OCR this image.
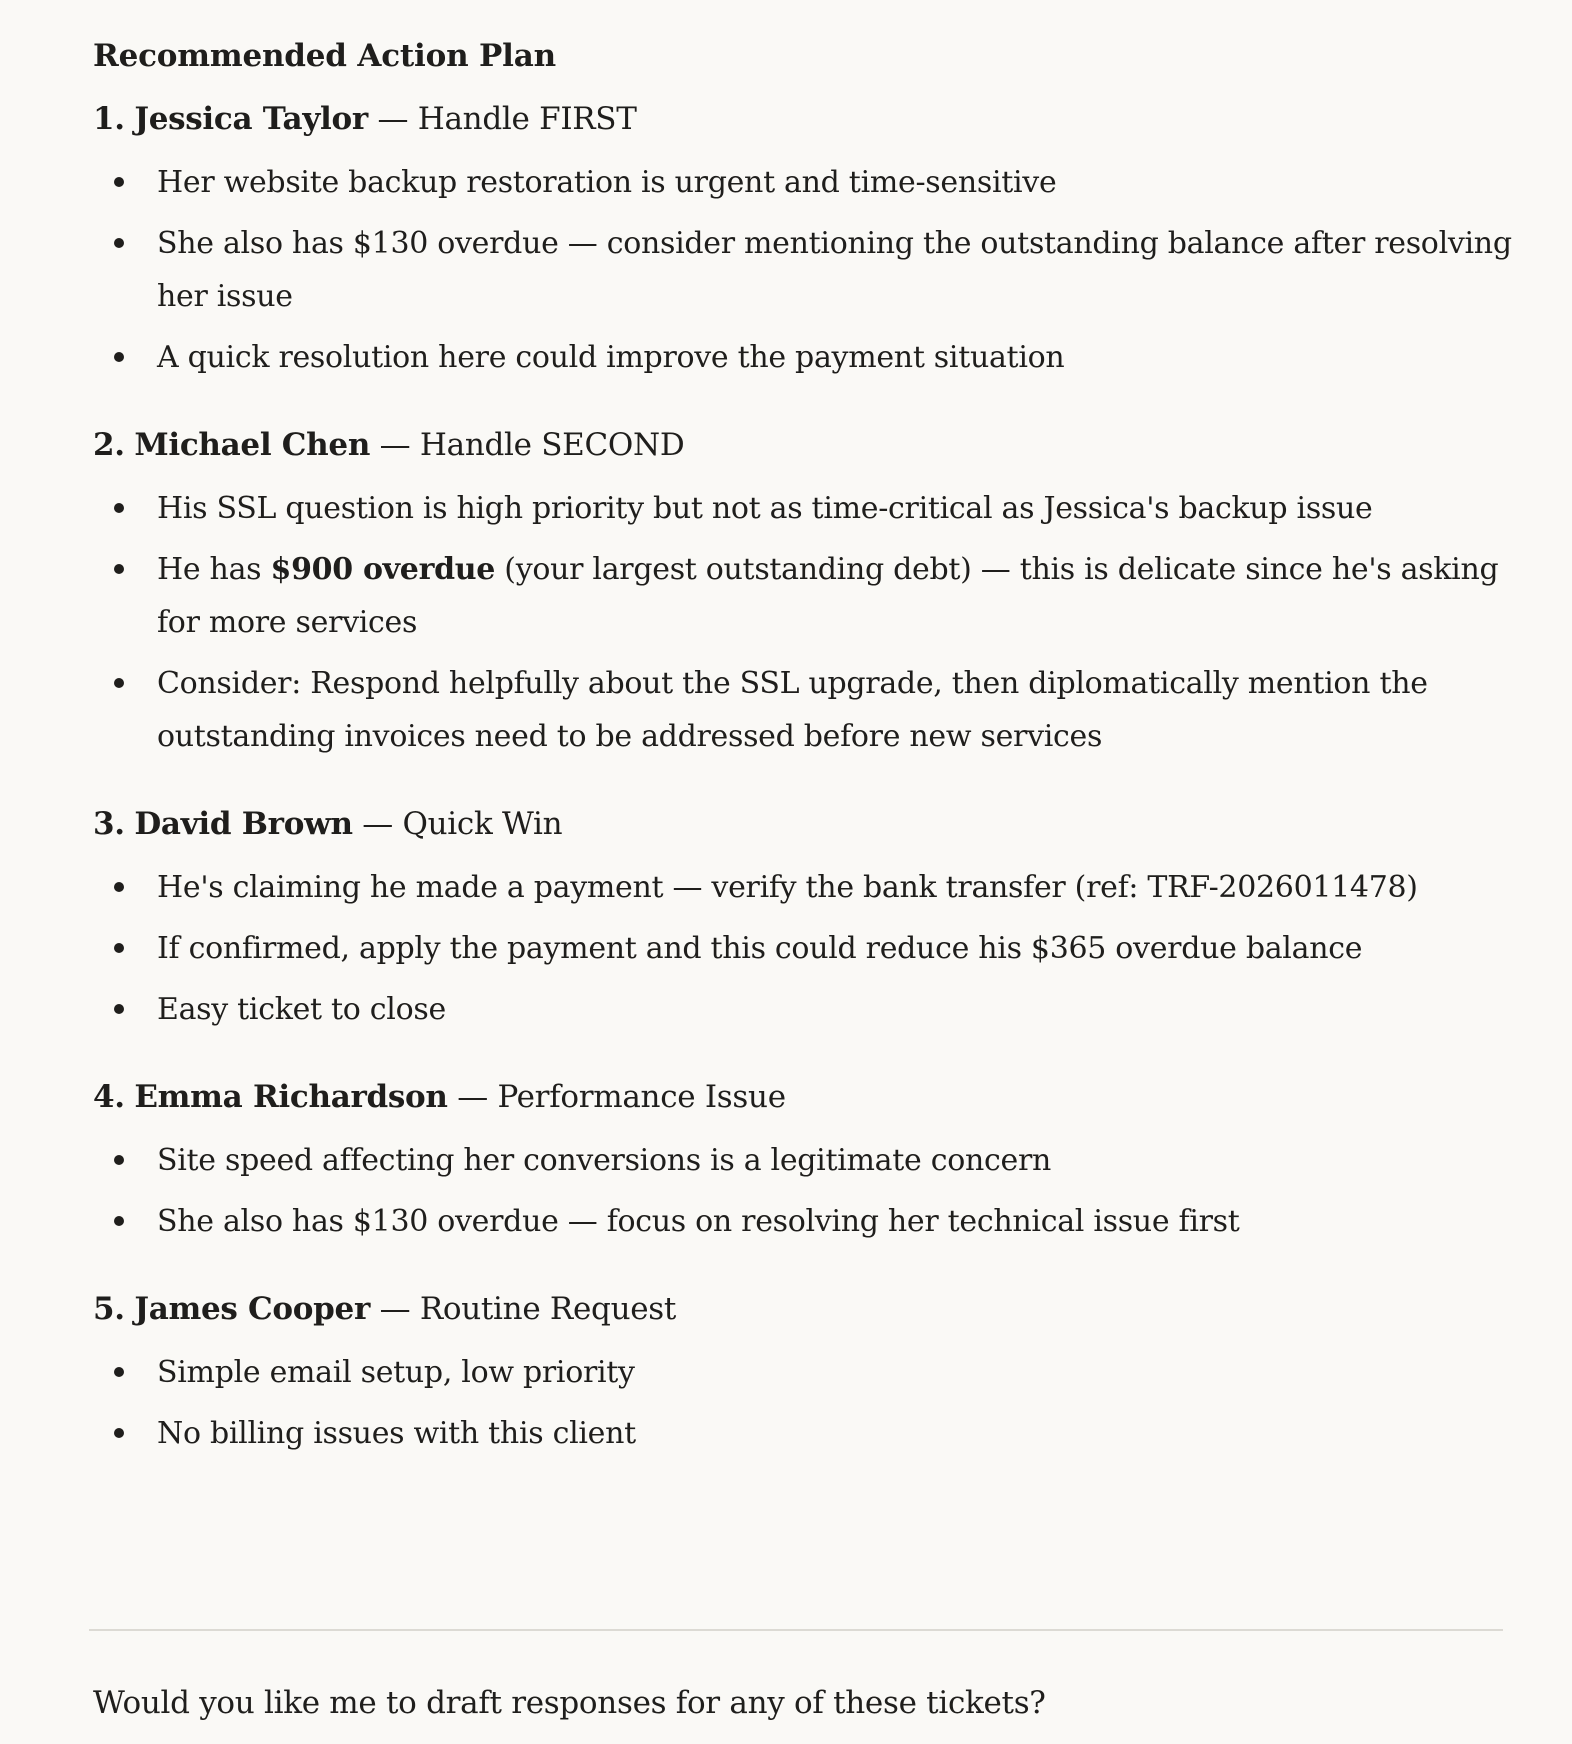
Recommended Action Plan
1. Jessica Taylor — Handle FIRST
Her website backup restoration is urgent and time-sensitive
She also has $130 overdue — consider mentioning the outstanding balance after resolving her issue
A quick resolution here could improve the payment situation
2. Michael Chen — Handle SECOND
His SSL question is high priority but not as time-critical as Jessica's backup issue
He has $900 overdue (your largest outstanding debt) — this is delicate since he's asking for more services
Consider: Respond helpfully about the SSL upgrade, then diplomatically mention the outstanding invoices need to be addressed before new services
3. David Brown — Quick Win
He's claiming he made a payment — verify the bank transfer (ref: TRF-2026011478)
If confirmed, apply the payment and this could reduce his $365 overdue balance
Easy ticket to close
4. Emma Richardson — Performance Issue
Site speed affecting her conversions is a legitimate concern
She also has $130 overdue — focus on resolving her technical issue first
5. James Cooper — Routine Request
Simple email setup, low priority
No billing issues with this client
Would you like me to draft responses for any of these tickets?
